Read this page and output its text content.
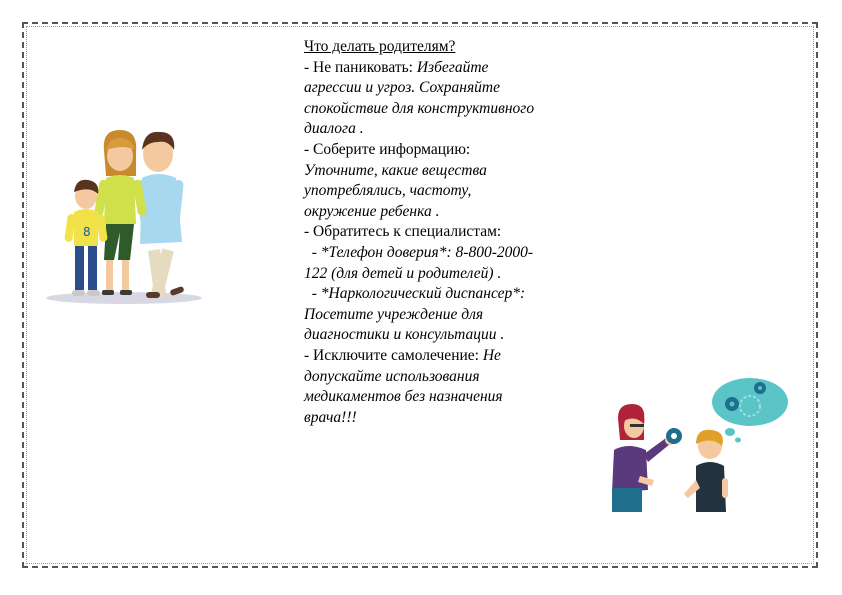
8

Что делать родителям?

- Не паниковать: Избегайте агрессии и угроз. Сохраняйте спокойствие для конструктивного диалога .

- Соберите информацию: Уточните, какие вещества употреблялись, частоту, окружение ребенка .

- Обратитесь к специалистам:

- *Телефон доверия*: 8-800-2000-122 (для детей и родителей) .

- *Наркологический диспансер*: Посетите учреждение для диагностики и консультации .

- Исключите самолечение: Не допускайте использования медикаментов без назначения врача!!!
